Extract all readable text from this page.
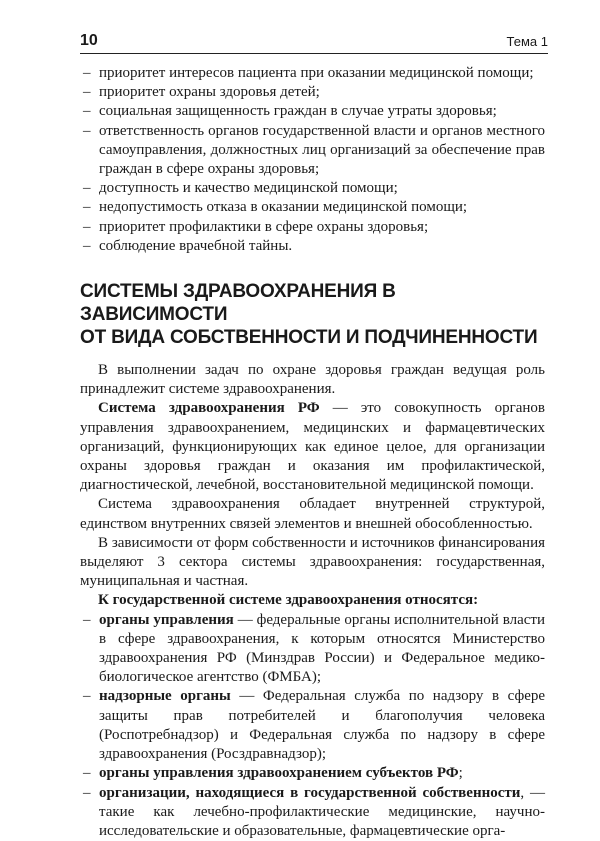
10	Тема 1
– приоритет интересов пациента при оказании медицинской помощи;
– приоритет охраны здоровья детей;
– социальная защищенность граждан в случае утраты здоровья;
– ответственность органов государственной власти и органов местного самоуправления, должностных лиц организаций за обеспечение прав граждан в сфере охраны здоровья;
– доступность и качество медицинской помощи;
– недопустимость отказа в оказании медицинской помощи;
– приоритет профилактики в сфере охраны здоровья;
– соблюдение врачебной тайны.
СИСТЕМЫ ЗДРАВООХРАНЕНИЯ В ЗАВИСИМОСТИ
ОТ ВИДА СОБСТВЕННОСТИ И ПОДЧИНЕННОСТИ

В выполнении задач по охране здоровья граждан ведущая роль принадлежит системе здравоохранения.

Система здравоохранения РФ — это совокупность органов управления здравоохранением, медицинских и фармацевтических организаций, функционирующих как единое целое, для организации охраны здоровья граждан и оказания им профилактической, диагностической, лечебной, восстановительной медицинской помощи.

Система здравоохранения обладает внутренней структурой, единством внутренних связей элементов и внешней обособленностью.

В зависимости от форм собственности и источников финансирования выделяют 3 сектора системы здравоохранения: государственная, муниципальная и частная.

К государственной системе здравоохранения относятся:

– органы управления — федеральные органы исполнительной власти в сфере здравоохранения, к которым относятся Министерство здравоохранения РФ (Минздрав России) и Федеральное медико-биологическое агентство (ФМБА);
– надзорные органы — Федеральная служба по надзору в сфере защиты прав потребителей и благополучия человека (Роспотребнадзор) и Федеральная служба по надзору в сфере здравоохранения (Росздравнадзор);
– органы управления здравоохранением субъектов РФ;
– организации, находящиеся в государственной собственности, — такие как лечебно-профилактические медицинские, научно-исследовательские и образовательные, фармацевтические орга-
